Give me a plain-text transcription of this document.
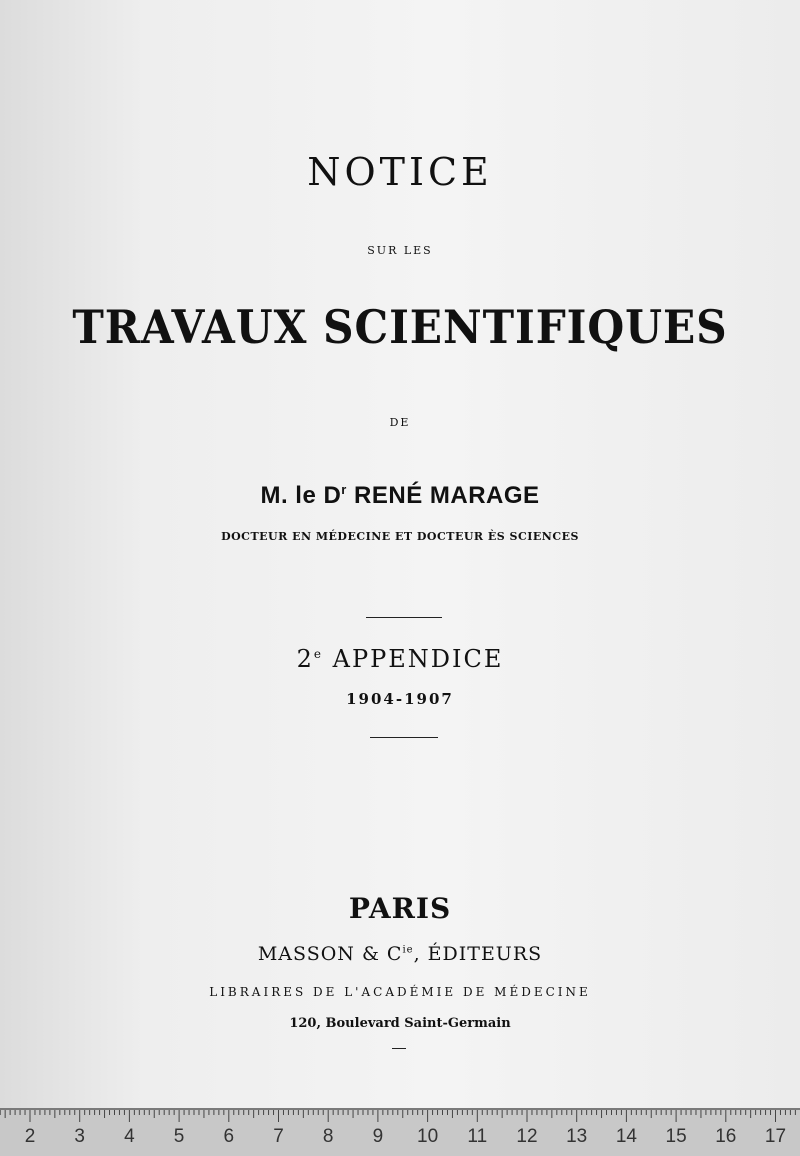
NOTICE
SUR LES
TRAVAUX SCIENTIFIQUES
DE
M. le $D^r$ RENÉ MARAGE
DOCTEUR EN MÉDECINE ET DOCTEUR ÈS SCIENCES
2e APPENDICE
1904-1907
PARIS
MASSON & $C^{ie}$, ÉDITEURS
LIBRAIRES DE L'ACADÉMIE DE MÉDECINE
120, Boulevard Saint-Germain
2 3 4 5 6 7 8 9 10 11 12 13 14 15 16 17
